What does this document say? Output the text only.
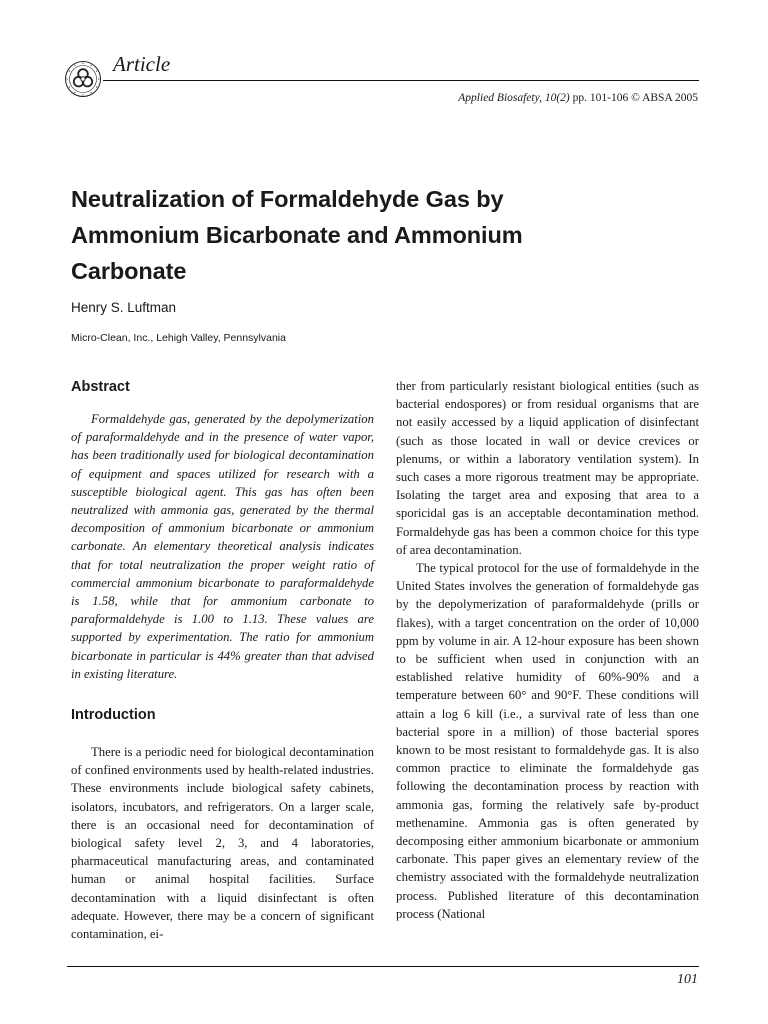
Article
Applied Biosafety, 10(2) pp. 101-106 © ABSA 2005
Neutralization of Formaldehyde Gas by Ammonium Bicarbonate and Ammonium Carbonate
Henry S. Luftman
Micro-Clean, Inc., Lehigh Valley, Pennsylvania
Abstract
Formaldehyde gas, generated by the depolymerization of paraformaldehyde and in the presence of water vapor, has been traditionally used for biological decontamination of equipment and spaces utilized for research with a susceptible biological agent. This gas has often been neutralized with ammonia gas, generated by the thermal decomposition of ammonium bicarbonate or ammonium carbonate. An elementary theoretical analysis indicates that for total neutralization the proper weight ratio of commercial ammonium bicarbonate to paraformaldehyde is 1.58, while that for ammonium carbonate to paraformaldehyde is 1.00 to 1.13. These values are supported by experimentation. The ratio for ammonium bicarbonate in particular is 44% greater than that advised in existing literature.
Introduction
There is a periodic need for biological decontamination of confined environments used by health-related industries. These environments include biological safety cabinets, isolators, incubators, and refrigerators. On a larger scale, there is an occasional need for decontamination of biological safety level 2, 3, and 4 laboratories, pharmaceutical manufacturing areas, and contaminated human or animal hospital facilities. Surface decontamination with a liquid disinfectant is often adequate. However, there may be a concern of significant contamination, ei-

ther from particularly resistant biological entities (such as bacterial endospores) or from residual organisms that are not easily accessed by a liquid application of disinfectant (such as those located in wall or device crevices or plenums, or within a laboratory ventilation system). In such cases a more rigorous treatment may be appropriate. Isolating the target area and exposing that area to a sporicidal gas is an acceptable decontamination method. Formaldehyde gas has been a common choice for this type of area decontamination.

The typical protocol for the use of formaldehyde in the United States involves the generation of formaldehyde gas by the depolymerization of paraformaldehyde (prills or flakes), with a target concentration on the order of 10,000 ppm by volume in air. A 12-hour exposure has been shown to be sufficient when used in conjunction with an established relative humidity of 60%-90% and a temperature between 60° and 90°F. These conditions will attain a log 6 kill (i.e., a survival rate of less than one bacterial spore in a million) of those bacterial spores known to be most resistant to formaldehyde gas. It is also common practice to eliminate the formaldehyde gas following the decontamination process by reaction with ammonia gas, forming the relatively safe by-product methenamine. Ammonia gas is often generated by decomposing either ammonium bicarbonate or ammonium carbonate. This paper gives an elementary review of the chemistry associated with the formaldehyde neutralization process. Published literature of this decontamination process (National

101
